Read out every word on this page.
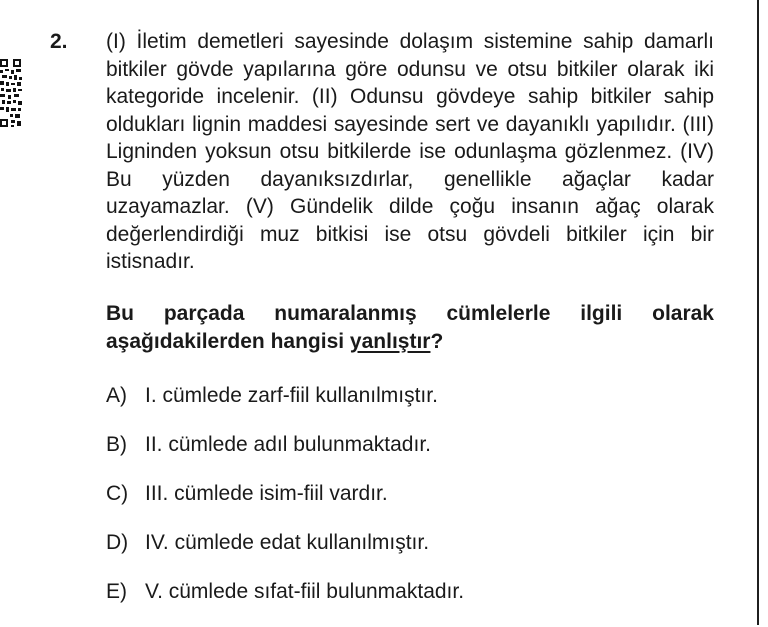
2. (I) İletim demetleri sayesinde dolaşım sistemine sahip damarlı bitkiler gövde yapılarına göre odunsu ve otsu bitkiler olarak iki kategoride incelenir. (II) Odunsu gövdeye sahip bitkiler sahip oldukları lignin maddesi sayesinde sert ve dayanıklı yapılıdır. (III) Ligninden yoksun otsu bitkilerde ise odunlaşma gözlenmez. (IV) Bu yüzden dayanıksızdırlar, genellikle ağaçlar kadar uzayamazlar. (V) Gündelik dilde çoğu insanın ağaç olarak değerlendirdiği muz bitkisi ise otsu gövdeli bitkiler için bir istisnadır.

Bu parçada numaralanmış cümlelerle ilgili olarak aşağıdakilerden hangisi yanlıştır?

A) I. cümlede zarf-fiil kullanılmıştır.
B) II. cümlede adıl bulunmaktadır.
C) III. cümlede isim-fiil vardır.
D) IV. cümlede edat kullanılmıştır.
E) V. cümlede sıfat-fiil bulunmaktadır.
